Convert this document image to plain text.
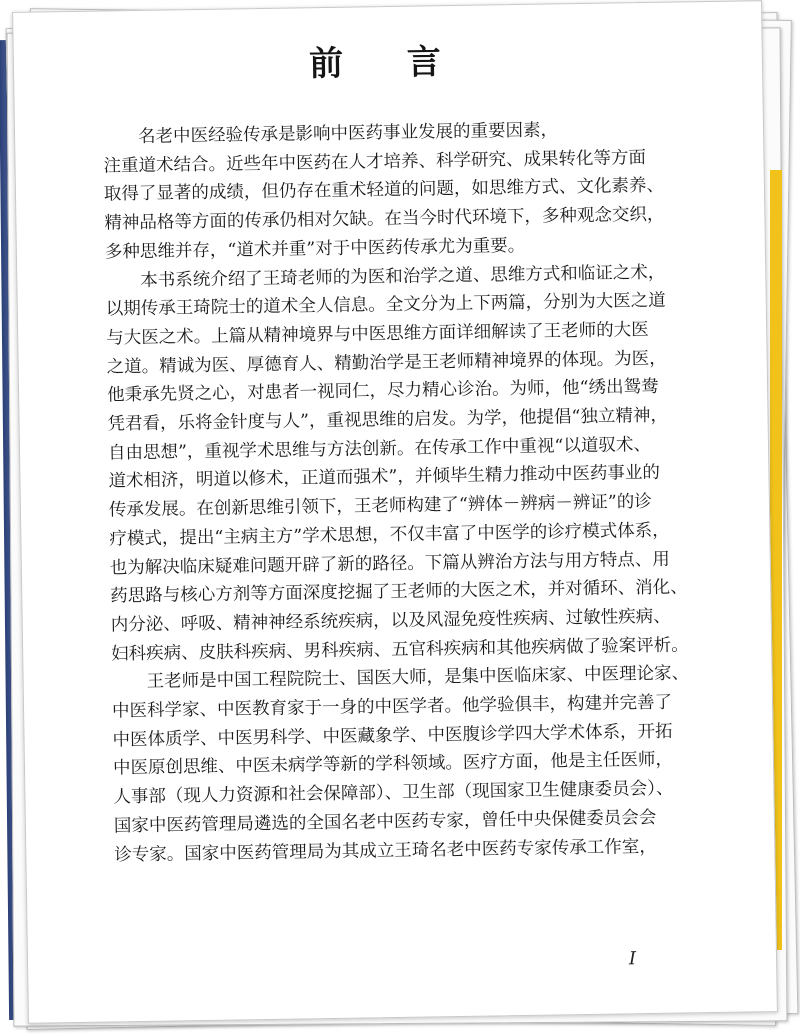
前 言
　　名老中医经验传承是影响中医药事业发展的重要因素，
注重道术结合。近些年中医药在人才培养、科学研究、成果转化等方面
取得了显著的成绩，但仍存在重术轻道的问题，如思维方式、文化素养、
精神品格等方面的传承仍相对欠缺。在当今时代环境下，多种观念交织，
多种思维并存，“道术并重”对于中医药传承尤为重要。
　　本书系统介绍了王琦老师的为医和治学之道、思维方式和临证之术，
以期传承王琦院士的道术全人信息。全文分为上下两篇，分别为大医之道
与大医之术。上篇从精神境界与中医思维方面详细解读了王老师的大医
之道。精诚为医、厚德育人、精勤治学是王老师精神境界的体现。为医，
他秉承先贤之心，对患者一视同仁，尽力精心诊治。为师，他“绣出鸳鸯
凭君看，乐将金针度与人”，重视思维的启发。为学，他提倡“独立精神，
自由思想”，重视学术思维与方法创新。在传承工作中重视“以道驭术、
道术相济，明道以修术，正道而强术”，并倾毕生精力推动中医药事业的
传承发展。在创新思维引领下，王老师构建了“辨体－辨病－辨证”的诊
疗模式，提出“主病主方”学术思想，不仅丰富了中医学的诊疗模式体系，
也为解决临床疑难问题开辟了新的路径。下篇从辨治方法与用方特点、用
药思路与核心方剂等方面深度挖掘了王老师的大医之术，并对循环、消化、
内分泌、呼吸、精神神经系统疾病，以及风湿免疫性疾病、过敏性疾病、
妇科疾病、皮肤科疾病、男科疾病、五官科疾病和其他疾病做了验案评析。
　　王老师是中国工程院院士、国医大师，是集中医临床家、中医理论家、
中医科学家、中医教育家于一身的中医学者。他学验俱丰，构建并完善了
中医体质学、中医男科学、中医藏象学、中医腹诊学四大学术体系，开拓
中医原创思维、中医未病学等新的学科领域。医疗方面，他是主任医师，
人事部（现人力资源和社会保障部）、卫生部（现国家卫生健康委员会）、
国家中医药管理局遴选的全国名老中医药专家，曾任中央保健委员会会
诊专家。国家中医药管理局为其成立王琦名老中医药专家传承工作室，
I
